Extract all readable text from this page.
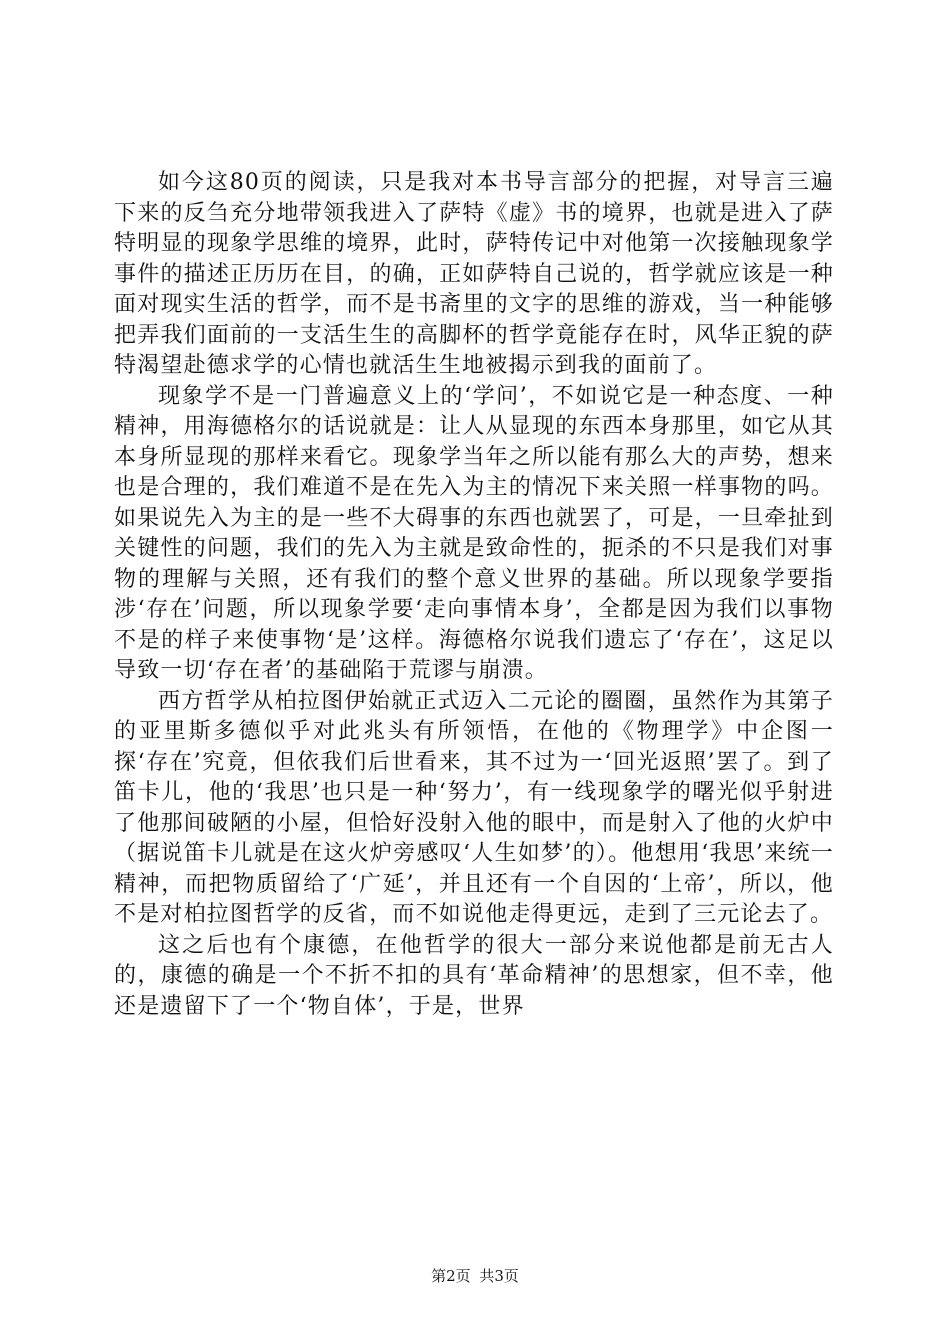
如今这80页的阅读，只是我对本书导言部分的把握，对导言三遍下来的反刍充分地带领我进入了萨特《虚》书的境界，也就是进入了萨特明显的现象学思维的境界，此时，萨特传记中对他第一次接触现象学事件的描述正历历在目，的确，正如萨特自己说的，哲学就应该是一种面对现实生活的哲学，而不是书斋里的文字的思维的游戏，当一种能够把弄我们面前的一支活生生的高脚杯的哲学竟能存在时，风华正貌的萨特渴望赴德求学的心情也就活生生地被揭示到我的面前了。

现象学不是一门普遍意义上的‘学问’，不如说它是一种态度、一种精神，用海德格尔的话说就是：让人从显现的东西本身那里，如它从其本身所显现的那样来看它。现象学当年之所以能有那么大的声势，想来也是合理的，我们难道不是在先入为主的情况下来关照一样事物的吗。如果说先入为主的是一些不大碍事的东西也就罢了，可是，一旦牵扯到关键性的问题，我们的先入为主就是致命性的，扼杀的不只是我们对事物的理解与关照，还有我们的整个意义世界的基础。所以现象学要指涉‘存在’问题，所以现象学要‘走向事情本身’，全都是因为我们以事物不是的样子来使事物‘是’这样。海德格尔说我们遗忘了‘存在’，这足以导致一切‘存在者’的基础陷于荒谬与崩溃。

西方哲学从柏拉图伊始就正式迈入二元论的圈圈，虽然作为其第子的亚里斯多德似乎对此兆头有所领悟，在他的《物理学》中企图一探‘存在’究竟，但依我们后世看来，其不过为一‘回光返照’罢了。到了笛卡儿，他的‘我思’也只是一种‘努力’，有一线现象学的曙光似乎射进了他那间破陋的小屋，但恰好没射入他的眼中，而是射入了他的火炉中（据说笛卡儿就是在这火炉旁感叹‘人生如梦’的）。他想用‘我思’来统一精神，而把物质留给了‘广延’，并且还有一个自因的‘上帝’，所以，他不是对柏拉图哲学的反省，而不如说他走得更远，走到了三元论去了。

这之后也有个康德，在他哲学的很大一部分来说他都是前无古人的，康德的确是一个不折不扣的具有‘革命精神’的思想家，但不幸，他还是遗留下了一个‘物自体’，于是，世界

第2页 共3页
